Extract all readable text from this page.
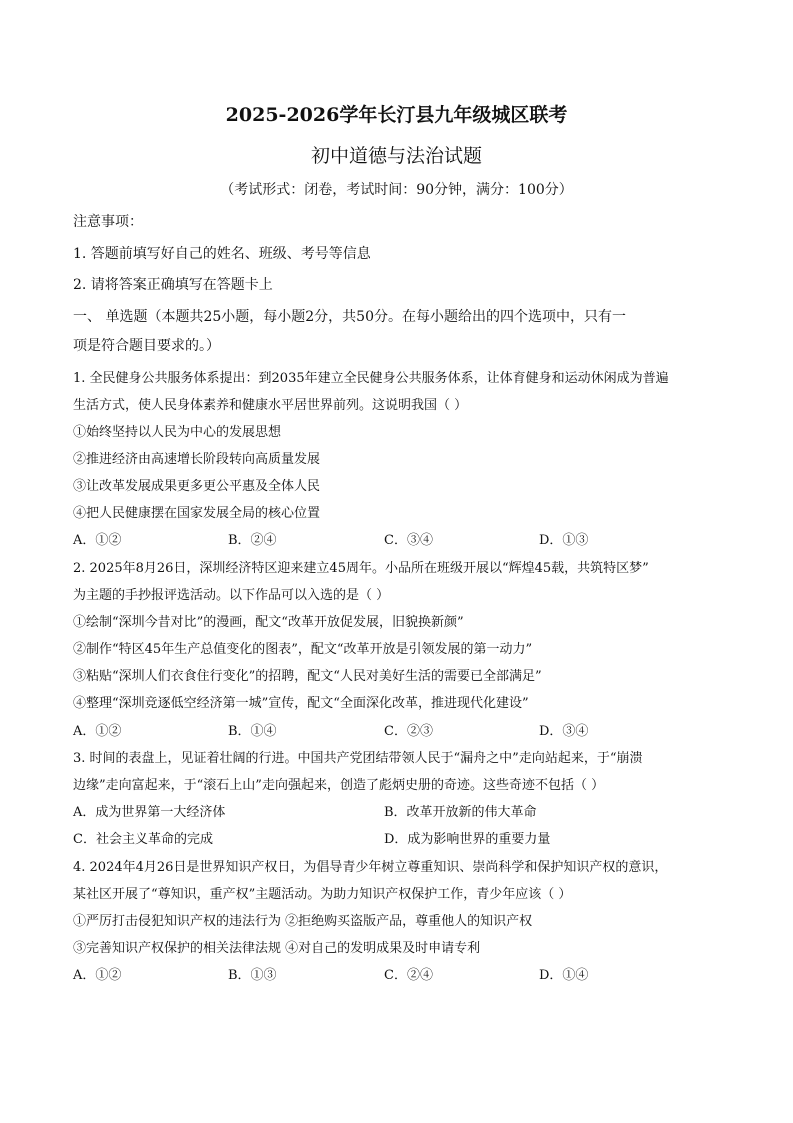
2025-2026学年长汀县九年级城区联考
初中道德与法治试题
（考试形式：闭卷，考试时间：90分钟，满分：100分）
注意事项：
1. 答题前填写好自己的姓名、班级、考号等信息
2. 请将答案正确填写在答题卡上
一、 单选题（本题共25小题，每小题2分，共50分。在每小题给出的四个选项中，只有一
项是符合题目要求的。）
1. 全民健身公共服务体系提出：到2035年建立全民健身公共服务体系，让体育健身和运动休闲成为普遍
生活方式，使人民身体素养和健康水平居世界前列。这说明我国（ ）
①始终坚持以人民为中心的发展思想
②推进经济由高速增长阶段转向高质量发展
③让改革发展成果更多更公平惠及全体人民
④把人民健康摆在国家发展全局的核心位置
A．①②	B．②④	C．③④	D．①③
2. 2025年8月26日，深圳经济特区迎来建立45周年。小品所在班级开展以“辉煌45载，共筑特区梦”
为主题的手抄报评选活动。以下作品可以入选的是（ ）
①绘制“深圳今昔对比”的漫画，配文“改革开放促发展，旧貌换新颜”
②制作“特区45年生产总值变化的图表”，配文“改革开放是引领发展的第一动力”
③粘贴“深圳人们衣食住行变化”的招聘，配文“人民对美好生活的需要已全部满足”
④整理“深圳竞逐低空经济第一城”宣传，配文“全面深化改革，推进现代化建设”
A．①②	B．①④	C．②③	D．③④
3. 时间的表盘上，见证着壮阔的行进。中国共产党团结带领人民于“漏舟之中”走向站起来，于“崩溃
边缘”走向富起来，于“滚石上山”走向强起来，创造了彪炳史册的奇迹。这些奇迹不包括（ ）
A．成为世界第一大经济体	B．改革开放新的伟大革命
C．社会主义革命的完成	D．成为影响世界的重要力量
4. 2024年4月26日是世界知识产权日，为倡导青少年树立尊重知识、崇尚科学和保护知识产权的意识，
某社区开展了“尊知识，重产权”主题活动。为助力知识产权保护工作，青少年应该（ ）
①严厉打击侵犯知识产权的违法行为 ②拒绝购买盗版产品，尊重他人的知识产权
③完善知识产权保护的相关法律法规 ④对自己的发明成果及时申请专利
A．①②	B．①③	C．②④	D．①④
